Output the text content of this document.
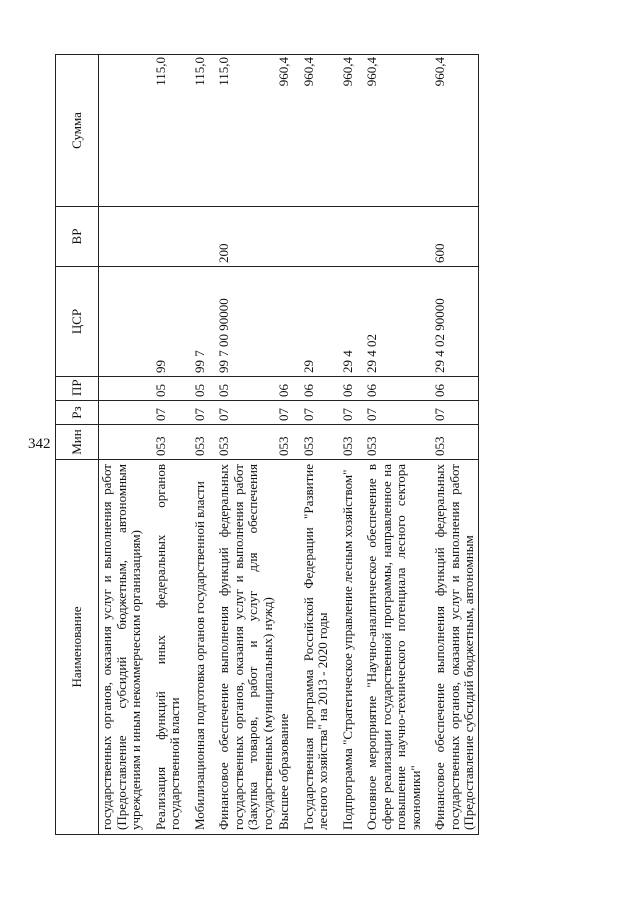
342
Наименование	Мин	Рз	ПР	ЦСР	ВР	Сумма
государственных органов, оказания услуг и выполнения работ (Предоставление субсидий бюджетным, автономным учреждениям и иным некоммерческим организациям)						
Реализация функций иных федеральных органов государственной власти	053	07	05	99		115,0
Мобилизационная подготовка органов государственной власти	053	07	05	99 7		115,0
Финансовое обеспечение выполнения функций федеральных государственных органов, оказания услуг и выполнения работ (Закупка товаров, работ и услуг для обеспечения государственных (муниципальных) нужд)	053	07	05	99 7 00 90000	200	115,0
Высшее образование	053	07	06			960,4
Государственная программа Российской Федерации "Развитие лесного хозяйства" на 2013 - 2020 годы	053	07	06	29		960,4
Подпрограмма "Стратегическое управление лесным хозяйством"	053	07	06	29 4		960,4
Основное мероприятие "Научно-аналитическое обеспечение в сфере реализации государственной программы, направленное на повышение научно-технического потенциала лесного сектора экономики"	053	07	06	29 4 02		960,4
Финансовое обеспечение выполнения функций федеральных государственных органов, оказания услуг и выполнения работ (Предоставление субсидий бюджетным, автономным	053	07	06	29 4 02 90000	600	960,4
